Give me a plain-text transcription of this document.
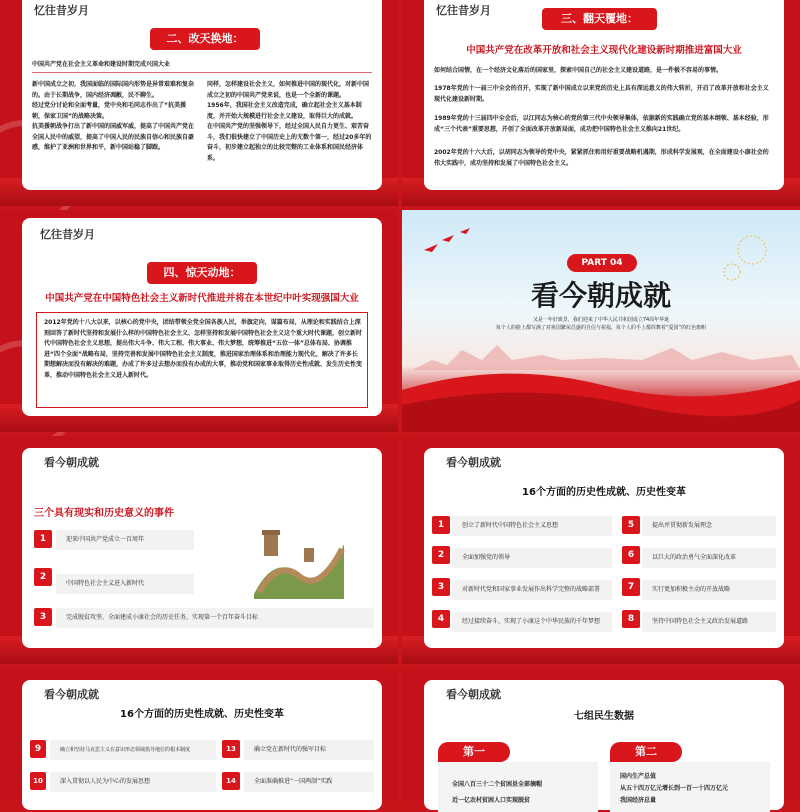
忆往昔岁月
二、改天换地：
中国共产党在社会主义革命和建设时期完成兴国大业
新中国成立之初，我国面临的国际国内形势是异常艰难和复杂的。由于长期战争，国内经济凋敝，民不聊生。
经过党分讨论和全面考量，党中央和毛同志作出了“抗美援朝，保家卫国”的战略决策。
抗美援朝战争打出了新中国的国威军威，提高了中国共产党在全国人民中的威望，提高了中国人民的民族自信心和民族自豪感，维护了亚洲和世界和平，新中国站稳了脚跟。
同样，怎样建设社会主义，如何推进中国的现代化，对新中国成立之初的中国共产党来说，也是一个全新的课题。
1956年，我国社会主义改造完成，确立起社会主义基本制度，并开始大规模进行社会主义建设，取得巨大的成就。
在中国共产党的坚强领导下，经过全国人民自力更生、艰苦奋斗，我们很快建立了中国历史上的无数个第一，经过20多年的奋斗，初步建立起独立的比较完整的工业体系和国民经济体系。
忆往昔岁月
三、翻天覆地：
中国共产党在改革开放和社会主义现代化建设新时期推进富国大业
如何结合国情，在一个经济文化落后的国家里，探索中国自己的社会主义建设道路，是一件极不容易的事情。
1978年党的十一届三中全会的召开，实现了新中国成立以来党的历史上具有深远意义的伟大转折，开启了改革开放和社会主义现代化建设新时期。
1989年党的十三届四中全会后，以江同志为核心的党的第三代中央领导集体，依据新的实践确立党的基本纲领、基本经验，形成“三个代表”重要思想，开创了全面改革开放新局面，成功把中国特色社会主义推向21世纪。
2002年党的十六大后，以胡同志为领导的党中央，紧紧抓住和用好重要战略机遇期，形成科学发展观，在全面建设小康社会的伟大实践中，成功坚持和发展了中国特色社会主义。
忆往昔岁月
四、惊天动地：
中国共产党在中国特色社会主义新时代推进并将在本世纪中叶实现强国大业
2012年党的十八大以来，以核心的党中央，团结带领全党全国各族人民，举旗定向，谋篇布局，从理论和实践结合上深刻回答了新时代坚持和发展什么样的中国特色社会主义、怎样坚持和发展中国特色社会主义这个重大时代课题，创立新时代中国特色社会主义思想，提出伟大斗争、伟大工程、伟大事业、伟大梦想，统筹推进“五位一体”总体布局、协调推进“四个全面”战略布局，坚持完善和发展中国特色社会主义制度，推进国家治理体系和治理能力现代化，解决了许多长期想解决而没有解决的难题，办成了许多过去想办而没有办成的大事，推动党和国家事业取得历史性成就、发生历史性变革，推动中国特色社会主义进入新时代。
PART 04
看今朝成就
又是一年好致景，我们迎来了中华人民共和国成立74周年华诞
每个人的脸上都写满了对祖国繁荣昌盛的自信与祝福，每个人的手上都挥舞着“爱国”的红色旗帜
看今朝成就
三个具有现实和历史意义的事件
1	迎来中国共产党成立一百周年
2
中国特色社会主义进入新时代
3	完成脱贫攻坚、全面建成小康社会的历史任务，实现第一个百年奋斗目标
看今朝成就
16个方面的历史性成就、历史性变革
1	创立了新时代中国特色社会主义思想
2	全面加强党的领导
3	对新时代党和国家事业发展作出科学完整的战略部署
4	经过接续奋斗，实现了小康这个中华民族的千年梦想
5	提出并贯彻新发展理念
6	以巨大的政治勇气全面深化改革
7	实行更加积极主动的开放战略
8	坚持中国特色社会主义政治发展道路
看今朝成就
16个方面的历史性成就、历史性变革
9	确立和坚持马克思主义在意识形态领域指导地位的根本制度
10	深入贯彻以人民为中心的发展思想
13	确立党在新时代的强军目标
14	全面准确推进“一国两制”实践
看今朝成就
七组民生数据
第一
全国八百三十二个贫困县全部摘帽
近一亿农村贫困人口实现脱贫
第二
国内生产总值
从五十四万亿元增长到一百一十四万亿元
我国经济总量
